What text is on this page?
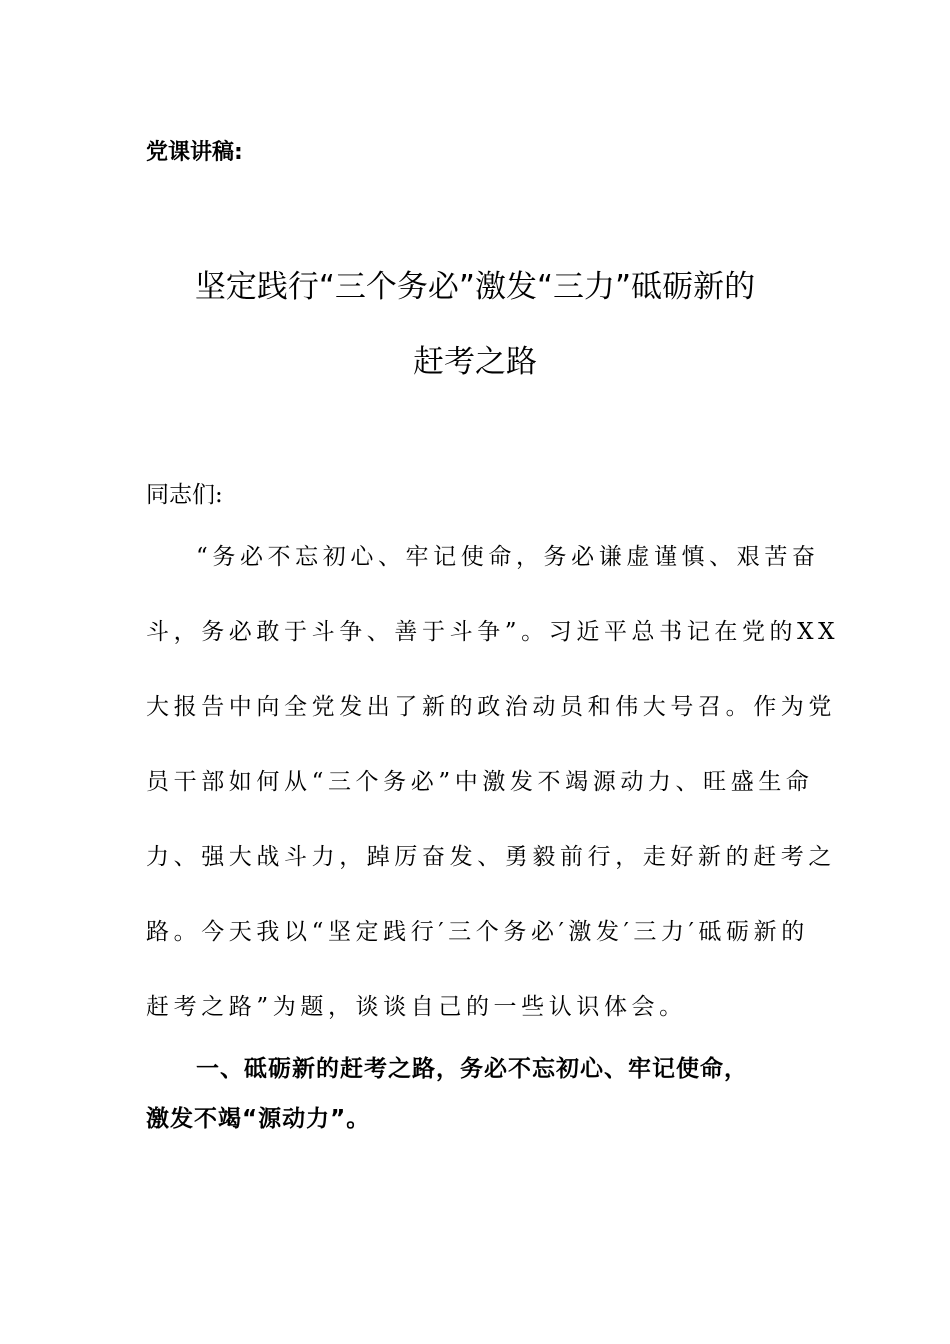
党课讲稿:
坚定践行“三个务必”激发“三力”砥砺新的
赶考之路
同志们:
“务必不忘初心、牢记使命，务必谦虚谨慎、艰苦奋
斗，务必敢于斗争、善于斗争”。习近平总书记在党的XX
大报告中向全党发出了新的政治动员和伟大号召。作为党
员干部如何从“三个务必”中激发不竭源动力、旺盛生命
力、强大战斗力，踔厉奋发、勇毅前行，走好新的赶考之
路。今天我以“坚定践行′三个务必′激发′三力′砥砺新的
赶考之路”为题，谈谈自己的一些认识体会。
一、砥砺新的赶考之路，务必不忘初心、牢记使命，
激发不竭“源动力”。
